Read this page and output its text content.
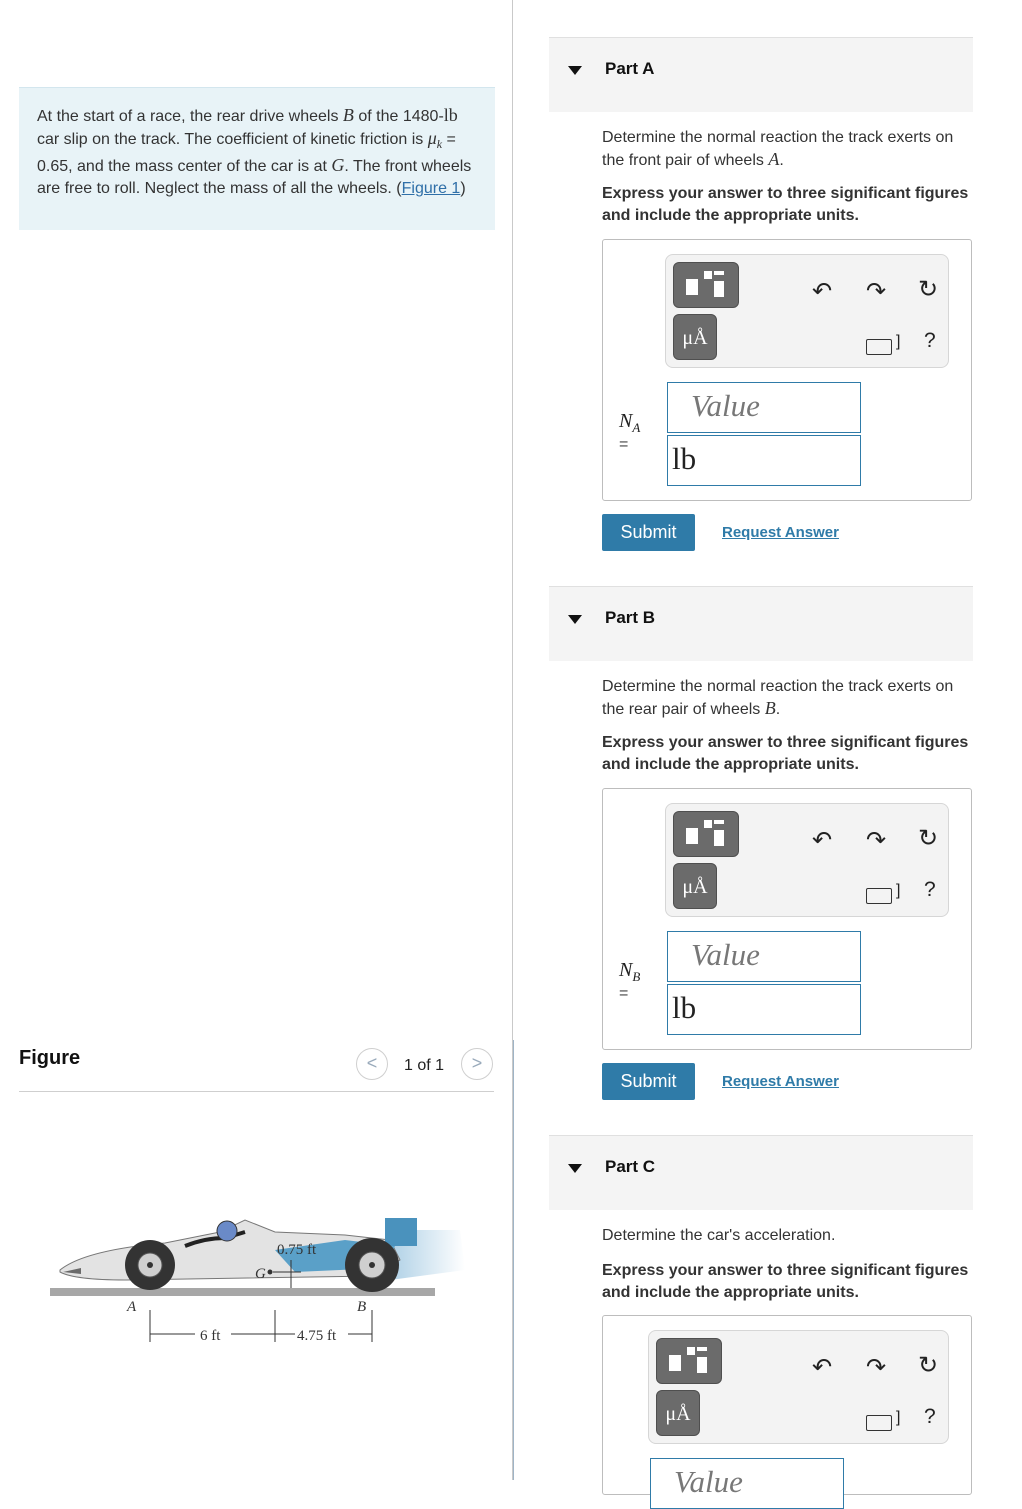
At the start of a race, the rear drive wheels B of the 1480-lb car slip on the track. The coefficient of kinetic friction is $\mu_k = 0.65$, and the mass center of the car is at G. The front wheels are free to roll. Neglect the mass of all the wheels. (Figure 1)
Figure	<	1 of 1	>
G
0.75 ft
A	B
6 ft	4.75 ft
Part A
Determine the normal reaction the track exerts on the front pair of wheels A.
Express your answer to three significant figures and include the appropriate units.
μÅ
↶ ↷ ↻
] ?
$N_A$
=
Value
lb
Submit	Request Answer
Part B
Determine the normal reaction the track exerts on the rear pair of wheels B.
Express your answer to three significant figures and include the appropriate units.
μÅ
↶ ↷ ↻
] ?
$N_B$
=
Value
lb
Submit	Request Answer
Part C
Determine the car's acceleration.
Express your answer to three significant figures and include the appropriate units.
μÅ
↶ ↷ ↻
] ?
Value
